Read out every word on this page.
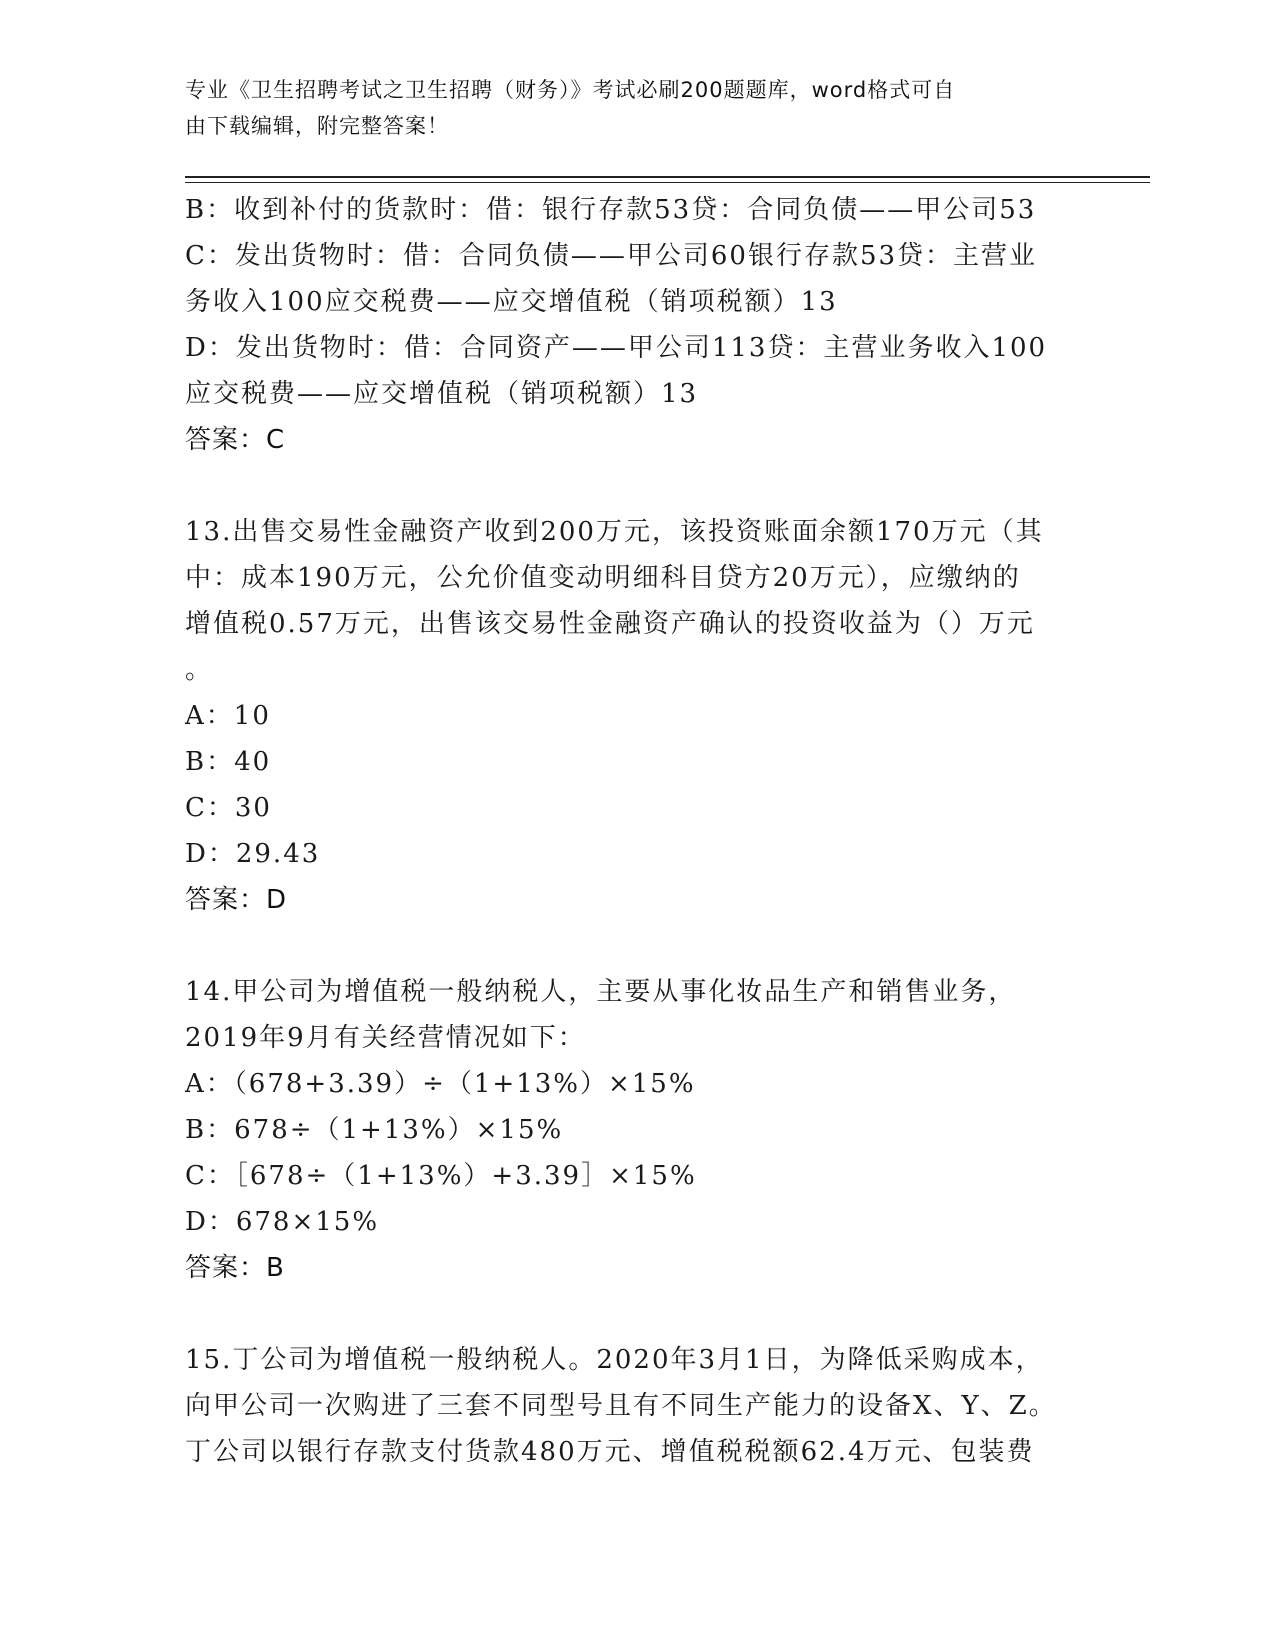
专业《卫生招聘考试之卫生招聘（财务）》考试必刷200题题库，word格式可自
由下载编辑，附完整答案！
B：收到补付的货款时：借：银行存款53贷：合同负债——甲公司53
C：发出货物时：借：合同负债——甲公司60银行存款53贷：主营业
务收入100应交税费——应交增值税（销项税额）13
D：发出货物时：借：合同资产——甲公司113贷：主营业务收入100
应交税费——应交增值税（销项税额）13
答案：C
13.出售交易性金融资产收到200万元，该投资账面余额170万元（其
中：成本190万元，公允价值变动明细科目贷方20万元），应缴纳的
增值税0.57万元，出售该交易性金融资产确认的投资收益为（）万元
。
A：10
B：40
C：30
D：29.43
答案：D
14.甲公司为增值税一般纳税人，主要从事化妆品生产和销售业务，
2019年9月有关经营情况如下：
A：（678+3.39）÷（1+13%）×15%
B：678÷（1+13%）×15%
C：［678÷（1+13%）+3.39］×15%
D：678×15%
答案：B
15.丁公司为增值税一般纳税人。2020年3月1日，为降低采购成本，
向甲公司一次购进了三套不同型号且有不同生产能力的设备X、Y、Z。
丁公司以银行存款支付货款480万元、增值税税额62.4万元、包装费
